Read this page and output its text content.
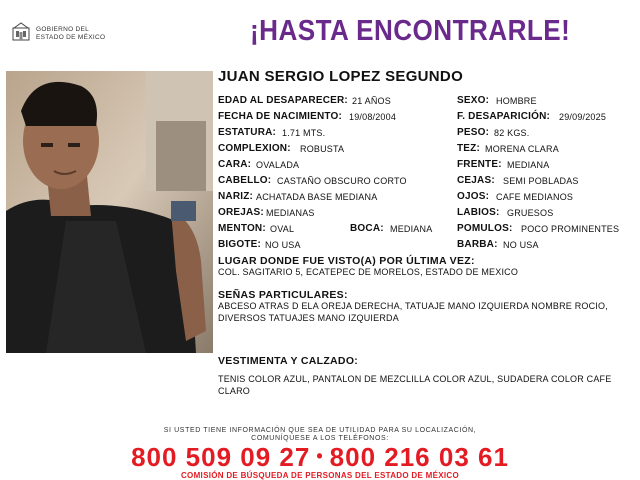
GOBIERNO DEL
ESTADO DE MÉXICO	¡HASTA ENCONTRARLE!
JUAN SERGIO LOPEZ SEGUNDO
EDAD AL DESAPARECER: 21 AÑOS
FECHA DE NACIMIENTO: 19/08/2004
ESTATURA: 1.71 MTS.
COMPLEXION: ROBUSTA
CARA: OVALADA
CABELLO: CASTAÑO OBSCURO CORTO
NARIZ: ACHATADA BASE MEDIANA
OREJAS: MEDIANAS
MENTON: OVAL	BOCA: MEDIANA
BIGOTE: NO USA
SEXO: HOMBRE
F. DESAPARICIÓN: 29/09/2025
PESO: 82 KGS.
TEZ: MORENA CLARA
FRENTE: MEDIANA
CEJAS: SEMI POBLADAS
OJOS: CAFE MEDIANOS
LABIOS: GRUESOS
POMULOS: POCO PROMINENTES
BARBA: NO USA
LUGAR DONDE FUE VISTO(A) POR ÚLTIMA VEZ:
COL. SAGITARIO 5, ECATEPEC DE MORELOS, ESTADO DE MEXICO
SEÑAS PARTICULARES:
ABCESO ATRAS D ELA OREJA DERECHA, TATUAJE MANO IZQUIERDA NOMBRE ROCIO,
DIVERSOS TATUAJES MANO IZQUIERDA
VESTIMENTA Y CALZADO:
TENIS COLOR AZUL, PANTALON DE MEZCLILLA COLOR AZUL, SUDADERA COLOR CAFE
CLARO
SI USTED TIENE INFORMACIÓN QUE SEA DE UTILIDAD PARA SU LOCALIZACIÓN,
COMUNÍQUESE A LOS TELÉFONOS:
800 509 09 27 • 800 216 03 61
COMISIÓN DE BÚSQUEDA DE PERSONAS DEL ESTADO DE MÉXICO
